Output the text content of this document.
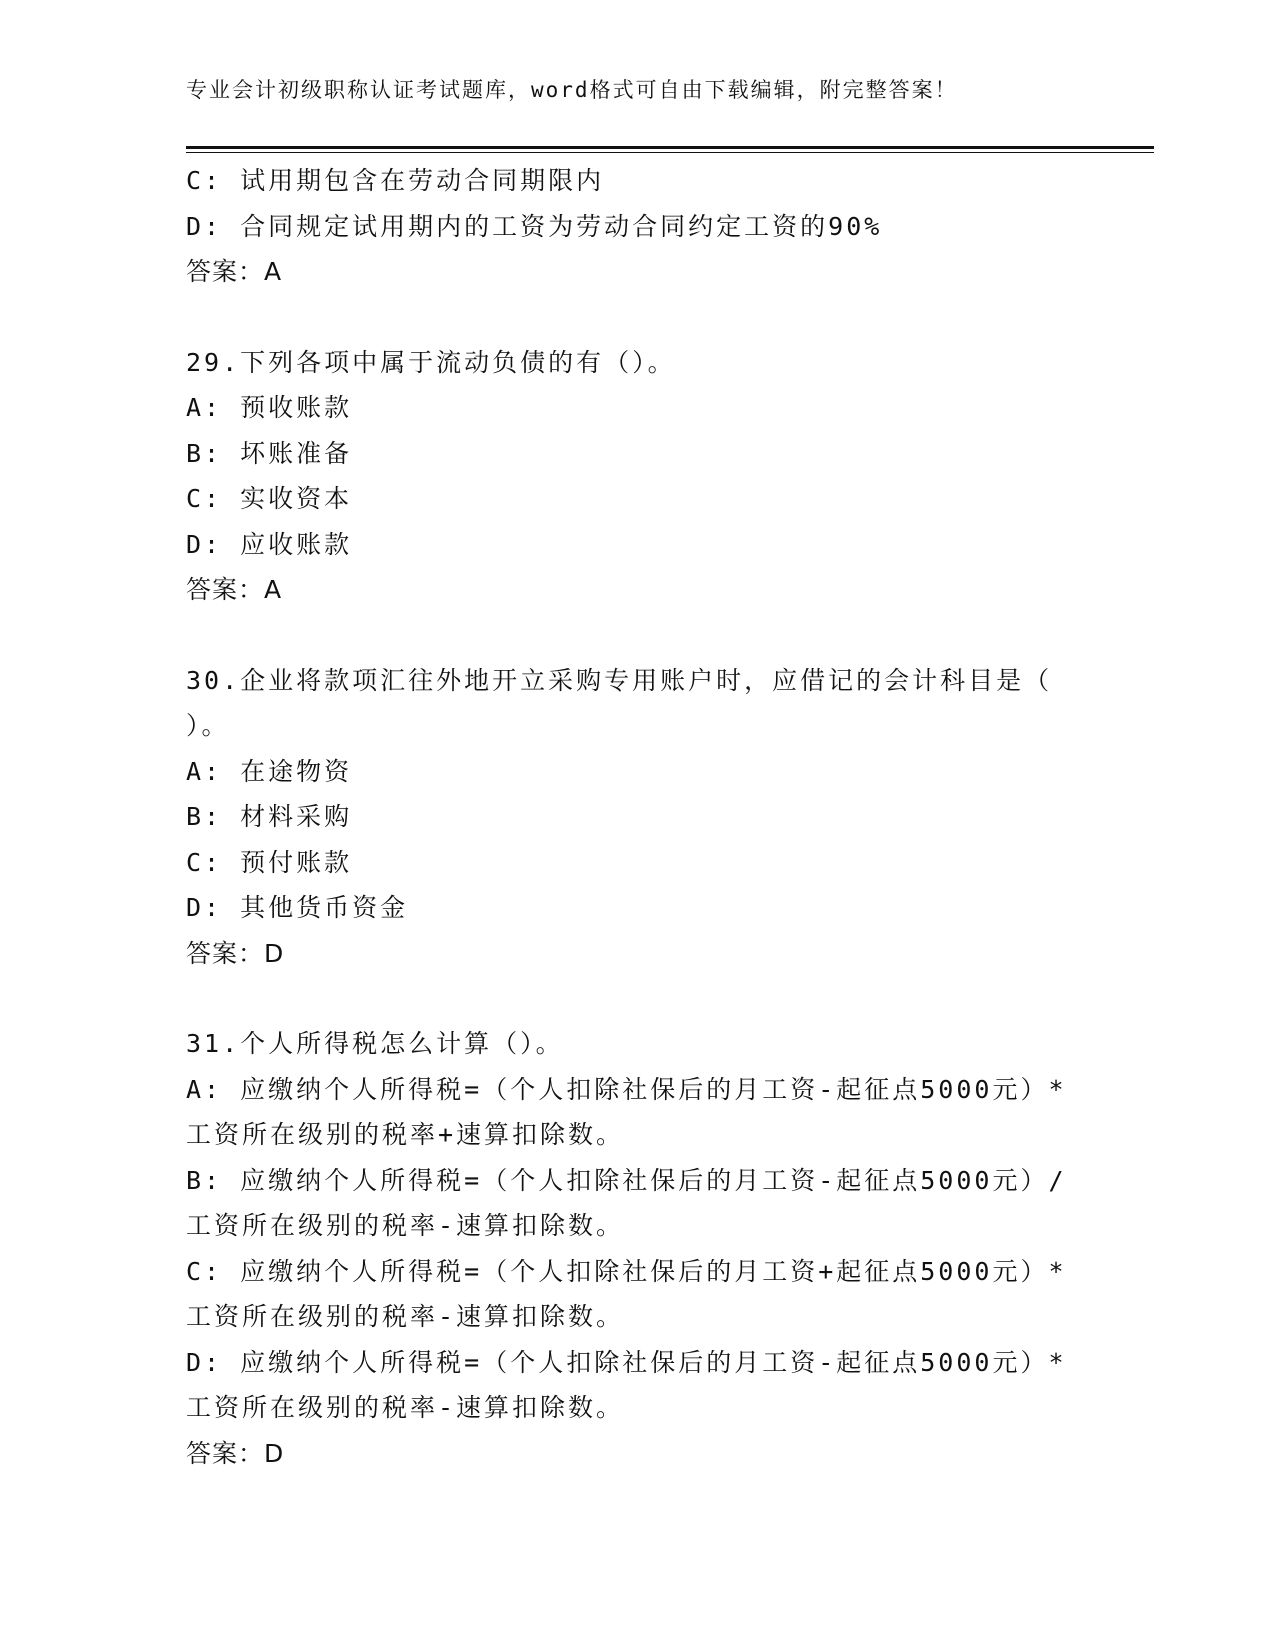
专业会计初级职称认证考试题库，word格式可自由下载编辑，附完整答案！
C: 试用期包含在劳动合同期限内
D: 合同规定试用期内的工资为劳动合同约定工资的90%
答案：A
29.下列各项中属于流动负债的有（）。
A: 预收账款
B: 坏账准备
C: 实收资本
D: 应收账款
答案：A
30.企业将款项汇往外地开立采购专用账户时，应借记的会计科目是（
）。
A: 在途物资
B: 材料采购
C: 预付账款
D: 其他货币资金
答案：D
31.个人所得税怎么计算（）。
A: 应缴纳个人所得税=（个人扣除社保后的月工资-起征点5000元）*
工资所在级别的税率+速算扣除数。
B: 应缴纳个人所得税=（个人扣除社保后的月工资-起征点5000元）/
工资所在级别的税率-速算扣除数。
C: 应缴纳个人所得税=（个人扣除社保后的月工资+起征点5000元）*
工资所在级别的税率-速算扣除数。
D: 应缴纳个人所得税=（个人扣除社保后的月工资-起征点5000元）*
工资所在级别的税率-速算扣除数。
答案：D
